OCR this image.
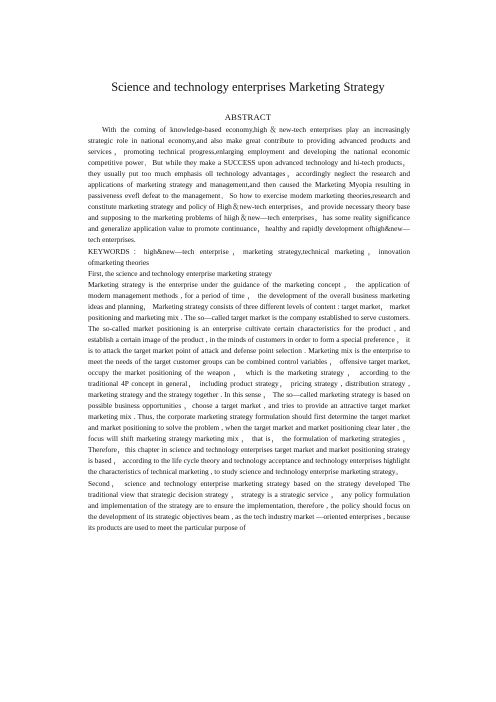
Science and technology enterprises Marketing Strategy
ABSTRACT

With the coming of knowledge-based economy,high＆new-tech enterprises play an increasingly strategic role in national economy,and also make great contribute to providing advanced products and services，promoting technical progress,enlarging employment and developing the national economic competitive power．But while they make a SUCCESS upon advanced technology and hi-tech products，they usually put too much emphasis oll technology advantages，accordingly neglect the research and applications of marketing strategy and management,and then caused the Marketing Myopia resulting in passiveness evefl defeat to the management．So how to exercise modem marketing theories,research and constitute marketing strategy and policy of High＆new-tech enterprises，and provide necessary theory base and supposing to the marketing problems of hiigh＆new—tech enterprises，has some reality significance and generalize application value to promote continuance，healthy and rapidly development ofhigh&new—tech enterprises.

KEYWORDS：high&new—tech enterprise，marketing strategy,technical marketing，innovation ofmarketing theories

First, the science and technology enterprise marketing strategy

Marketing strategy is the enterprise under the guidance of the marketing concept ， the application of modern management methods , for a period of time ， the development of the overall business marketing ideas and planning， Marketing strategy consists of three different levels of content : target market， market positioning and marketing mix . The so—called target market is the company established to serve customers. The so-called market positioning is an enterprise cultivate certain characteristics for the product , and establish a certain image of the product , in the minds of customers in order to form a special preference ， it is to attack the target market point of attack and defense point selection . Marketing mix is the enterprise to meet the needs of the target customer groups can be combined control variables ， offensive target market, occupy the market positioning of the weapon ， which is the marketing strategy ， according to the traditional 4P concept in general， including product strategy， pricing strategy , distribution strategy , marketing strategy and the strategy together . In this sense ， The so—called marketing strategy is based on possible business opportunities ，choose a target market , and tries to provide an attractive target market marketing mix . Thus, the corporate marketing strategy formulation should first determine the target market and market positioning to solve the problem , when the target market and market positioning clear later , the focus will shift marketing strategy marketing mix ， that is， the formulation of marketing strategies ， Therefore，this chapter in science and technology enterprises target market and market positioning strategy is based ， according to the life cycle theory and technology acceptance and technology enterprises highlight the characteristics of technical marketing , to study science and technology enterprise marketing strategy。

Second， science and technology enterprise marketing strategy based on the strategy developed The traditional view that strategic decision strategy ， strategy is a strategic service ， any policy formulation and implementation of the strategy are to ensure the implementation, therefore , the policy should focus on the development of its strategic objectives beam , as the tech industry market —oriented enterprises , because its products are used to meet the particular purpose of
